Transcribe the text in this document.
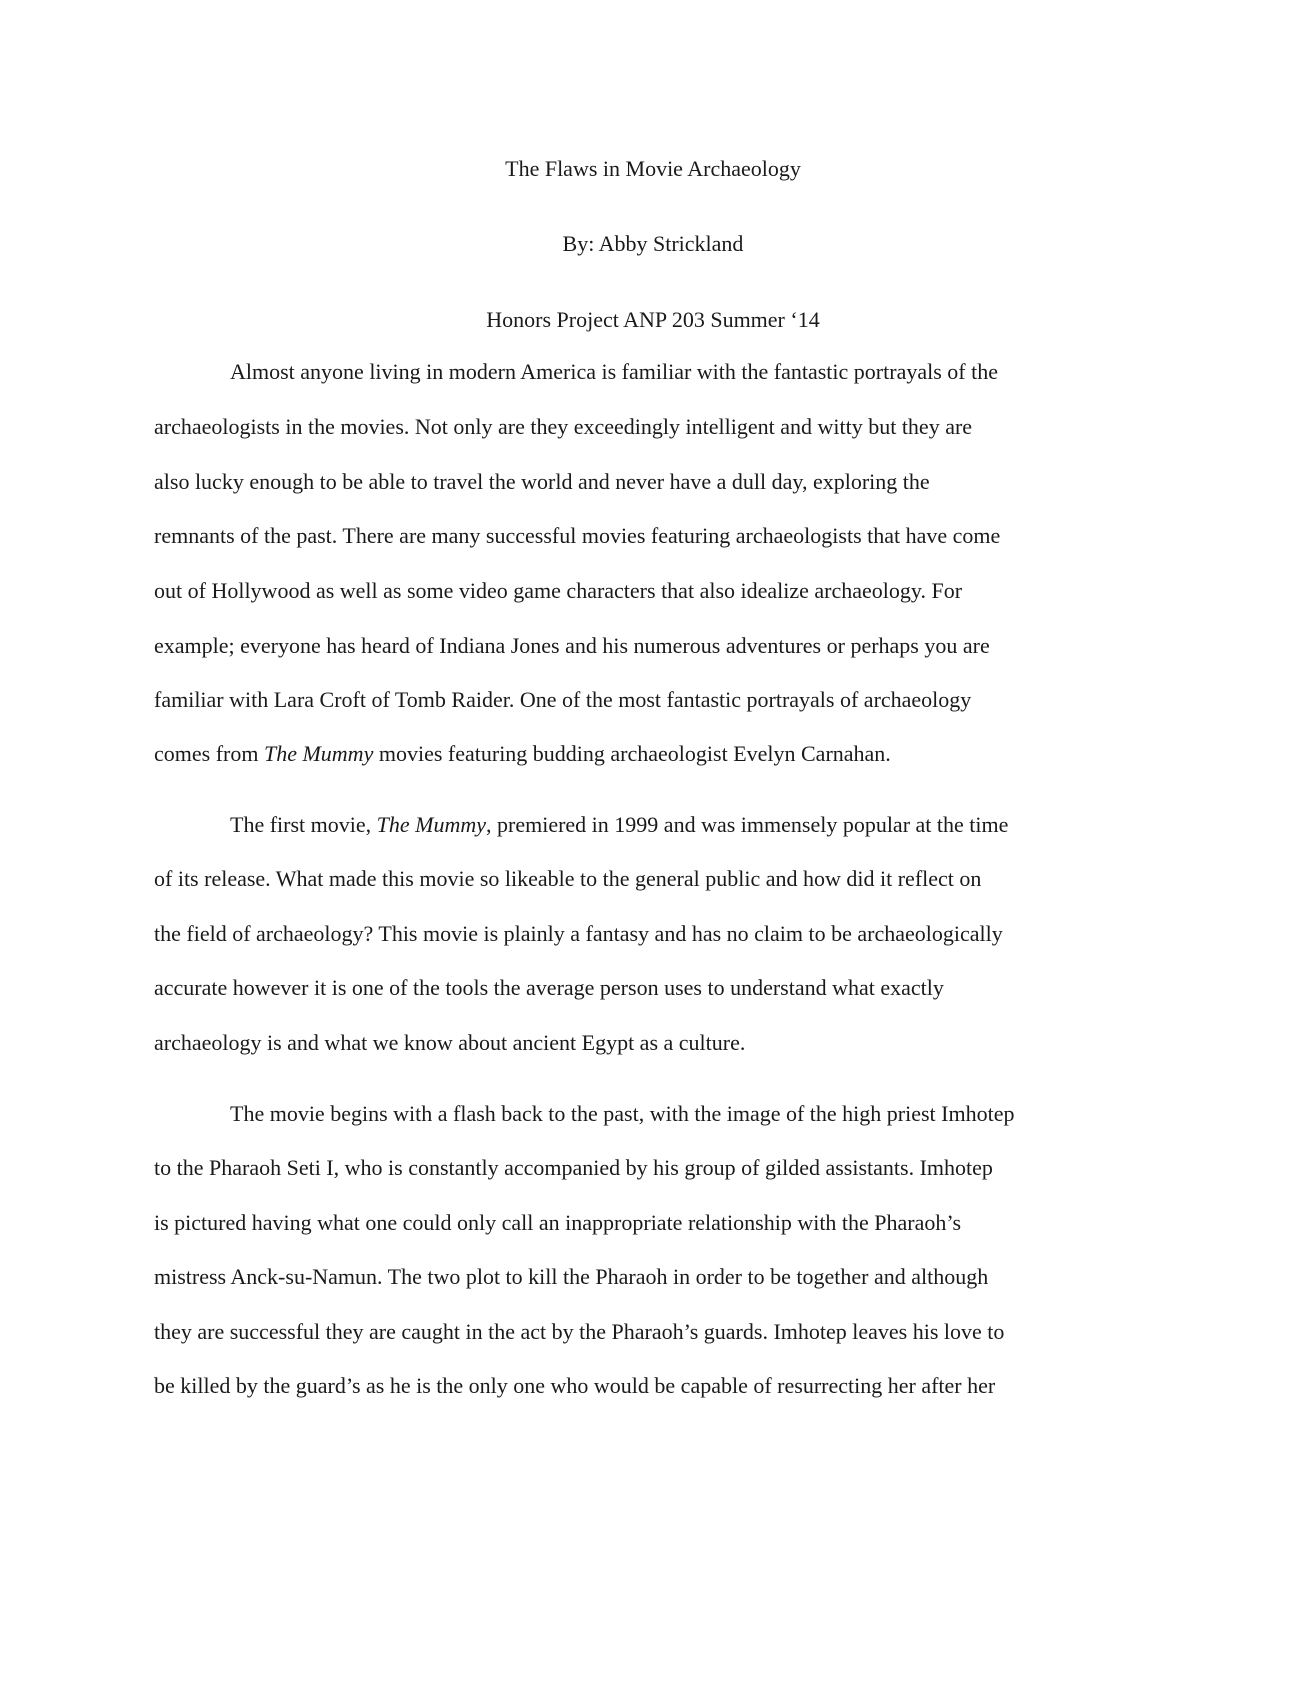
The Flaws in Movie Archaeology

By: Abby Strickland

Honors Project ANP 203 Summer ‘14

Almost anyone living in modern America is familiar with the fantastic portrayals of the

archaeologists in the movies. Not only are they exceedingly intelligent and witty but they are

also lucky enough to be able to travel the world and never have a dull day, exploring the

remnants of the past. There are many successful movies featuring archaeologists that have come

out of Hollywood as well as some video game characters that also idealize archaeology. For

example; everyone has heard of Indiana Jones and his numerous adventures or perhaps you are

familiar with Lara Croft of Tomb Raider. One of the most fantastic portrayals of archaeology

comes from The Mummy movies featuring budding archaeologist Evelyn Carnahan.

The first movie, The Mummy, premiered in 1999 and was immensely popular at the time

of its release. What made this movie so likeable to the general public and how did it reflect on

the field of archaeology? This movie is plainly a fantasy and has no claim to be archaeologically

accurate however it is one of the tools the average person uses to understand what exactly

archaeology is and what we know about ancient Egypt as a culture.

The movie begins with a flash back to the past, with the image of the high priest Imhotep

to the Pharaoh Seti I, who is constantly accompanied by his group of gilded assistants. Imhotep

is pictured having what one could only call an inappropriate relationship with the Pharaoh’s

mistress Anck-su-Namun. The two plot to kill the Pharaoh in order to be together and although

they are successful they are caught in the act by the Pharaoh’s guards. Imhotep leaves his love to

be killed by the guard’s as he is the only one who would be capable of resurrecting her after her
